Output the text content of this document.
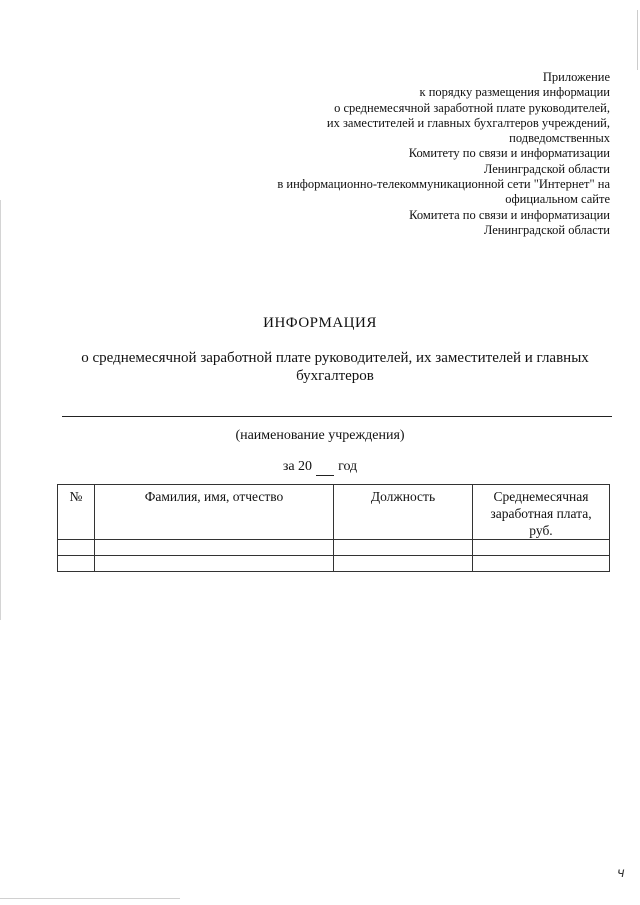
Приложение
к порядку размещения информации
о среднемесячной заработной плате руководителей,
их заместителей и главных бухгалтеров учреждений,
подведомственных
Комитету по связи и информатизации
Ленинградской области
в информационно-телекоммуникационной сети "Интернет" на
официальном сайте
Комитета по связи и информатизации
Ленинградской области
ИНФОРМАЦИЯ
о среднемесячной заработной плате руководителей, их заместителей и главных
бухгалтеров
(наименование учреждения)
за 20 год
№	Фамилия, имя, отчество	Должность	Среднемесячная
заработная плата,
руб.

ч
